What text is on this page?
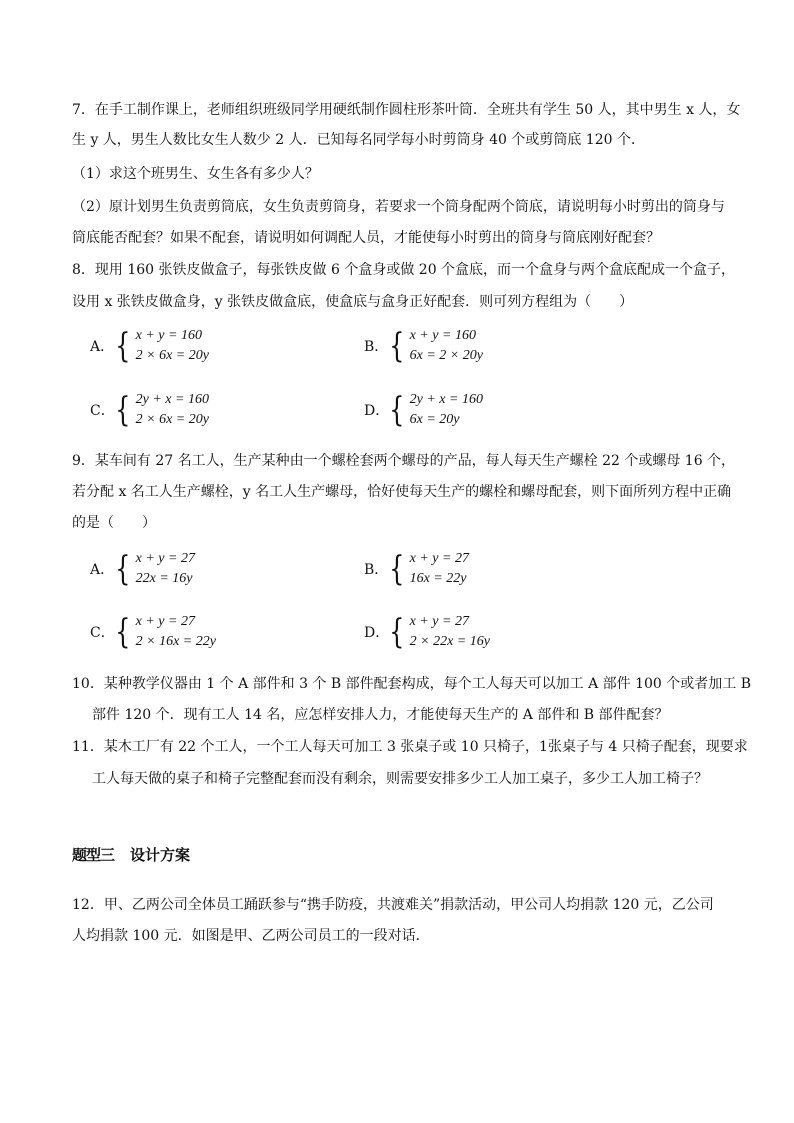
7．在手工制作课上，老师组织班级同学用硬纸制作圆柱形茶叶筒．全班共有学生 50 人，其中男生 x 人，女
生 y 人，男生人数比女生人数少 2 人．已知每名同学每小时剪筒身 40 个或剪筒底 120 个．
（1）求这个班男生、女生各有多少人？
（2）原计划男生负责剪筒底，女生负责剪筒身，若要求一个筒身配两个筒底，请说明每小时剪出的筒身与
筒底能否配套？如果不配套，请说明如何调配人员，才能使每小时剪出的筒身与筒底刚好配套？
8．现用 160 张铁皮做盒子，每张铁皮做 6 个盒身或做 20 个盒底，而一个盒身与两个盒底配成一个盒子，
设用 x 张铁皮做盒身，y 张铁皮做盒底，使盒底与盒身正好配套．则可列方程组为（　　）
A． { x + y = 160
2 × 6x = 20y
B． { x + y = 160
6x = 2 × 20y
C． { 2y + x = 160
2 × 6x = 20y
D． { 2y + x = 160
6x = 20y
9．某车间有 27 名工人，生产某种由一个螺栓套两个螺母的产品，每人每天生产螺栓 22 个或螺母 16 个，
若分配 x 名工人生产螺栓，y 名工人生产螺母，恰好使每天生产的螺栓和螺母配套，则下面所列方程中正确
的是（　　）
A． { x + y = 27
22x = 16y
B． { x + y = 27
16x = 22y
C． { x + y = 27
2 × 16x = 22y
D． { x + y = 27
2 × 22x = 16y
10．某种教学仪器由 1 个 A 部件和 3 个 B 部件配套构成，每个工人每天可以加工 A 部件 100 个或者加工 B
部件 120 个．现有工人 14 名，应怎样安排人力，才能使每天生产的 A 部件和 B 部件配套？
11．某木工厂有 22 个工人，一个工人每天可加工 3 张桌子或 10 只椅子，1张桌子与 4 只椅子配套，现要求
工人每天做的桌子和椅子完整配套而没有剩余，则需要安排多少工人加工桌子，多少工人加工椅子？
题型三 设计方案
12．甲、乙两公司全体员工踊跃参与“携手防疫，共渡难关”捐款活动，甲公司人均捐款 120 元，乙公司
人均捐款 100 元．如图是甲、乙两公司员工的一段对话．
